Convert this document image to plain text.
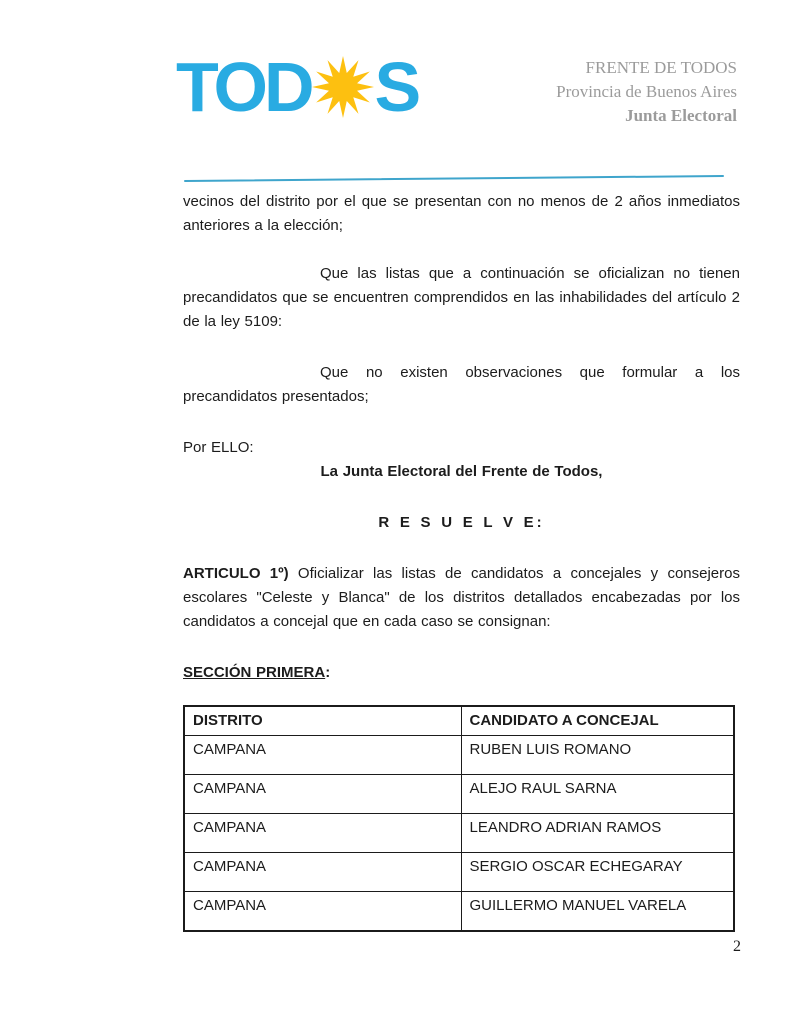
TOD S	FRENTE DE TODOS
Provincia de Buenos Aires
Junta Electoral

vecinos del distrito por el que se presentan con no menos de 2 años inmediatos anteriores a la elección;

Que las listas que a continuación se oficializan no tienen precandidatos que se encuentren comprendidos en las inhabilidades del artículo 2 de la ley 5109:

Que no existen observaciones que formular a los precandidatos presentados;

Por ELLO:

La Junta Electoral del Frente de Todos,

R E S U E L V E:

ARTICULO 1º) Oficializar las listas de candidatos a concejales y consejeros escolares "Celeste y Blanca" de los distritos detallados encabezadas por los candidatos a concejal que en cada caso se consignan:

SECCIÓN PRIMERA:

DISTRITO	CANDIDATO A CONCEJAL
CAMPANA	RUBEN LUIS ROMANO
CAMPANA	ALEJO RAUL SARNA
CAMPANA	LEANDRO ADRIAN RAMOS
CAMPANA	SERGIO OSCAR ECHEGARAY
CAMPANA	GUILLERMO MANUEL VARELA
2
